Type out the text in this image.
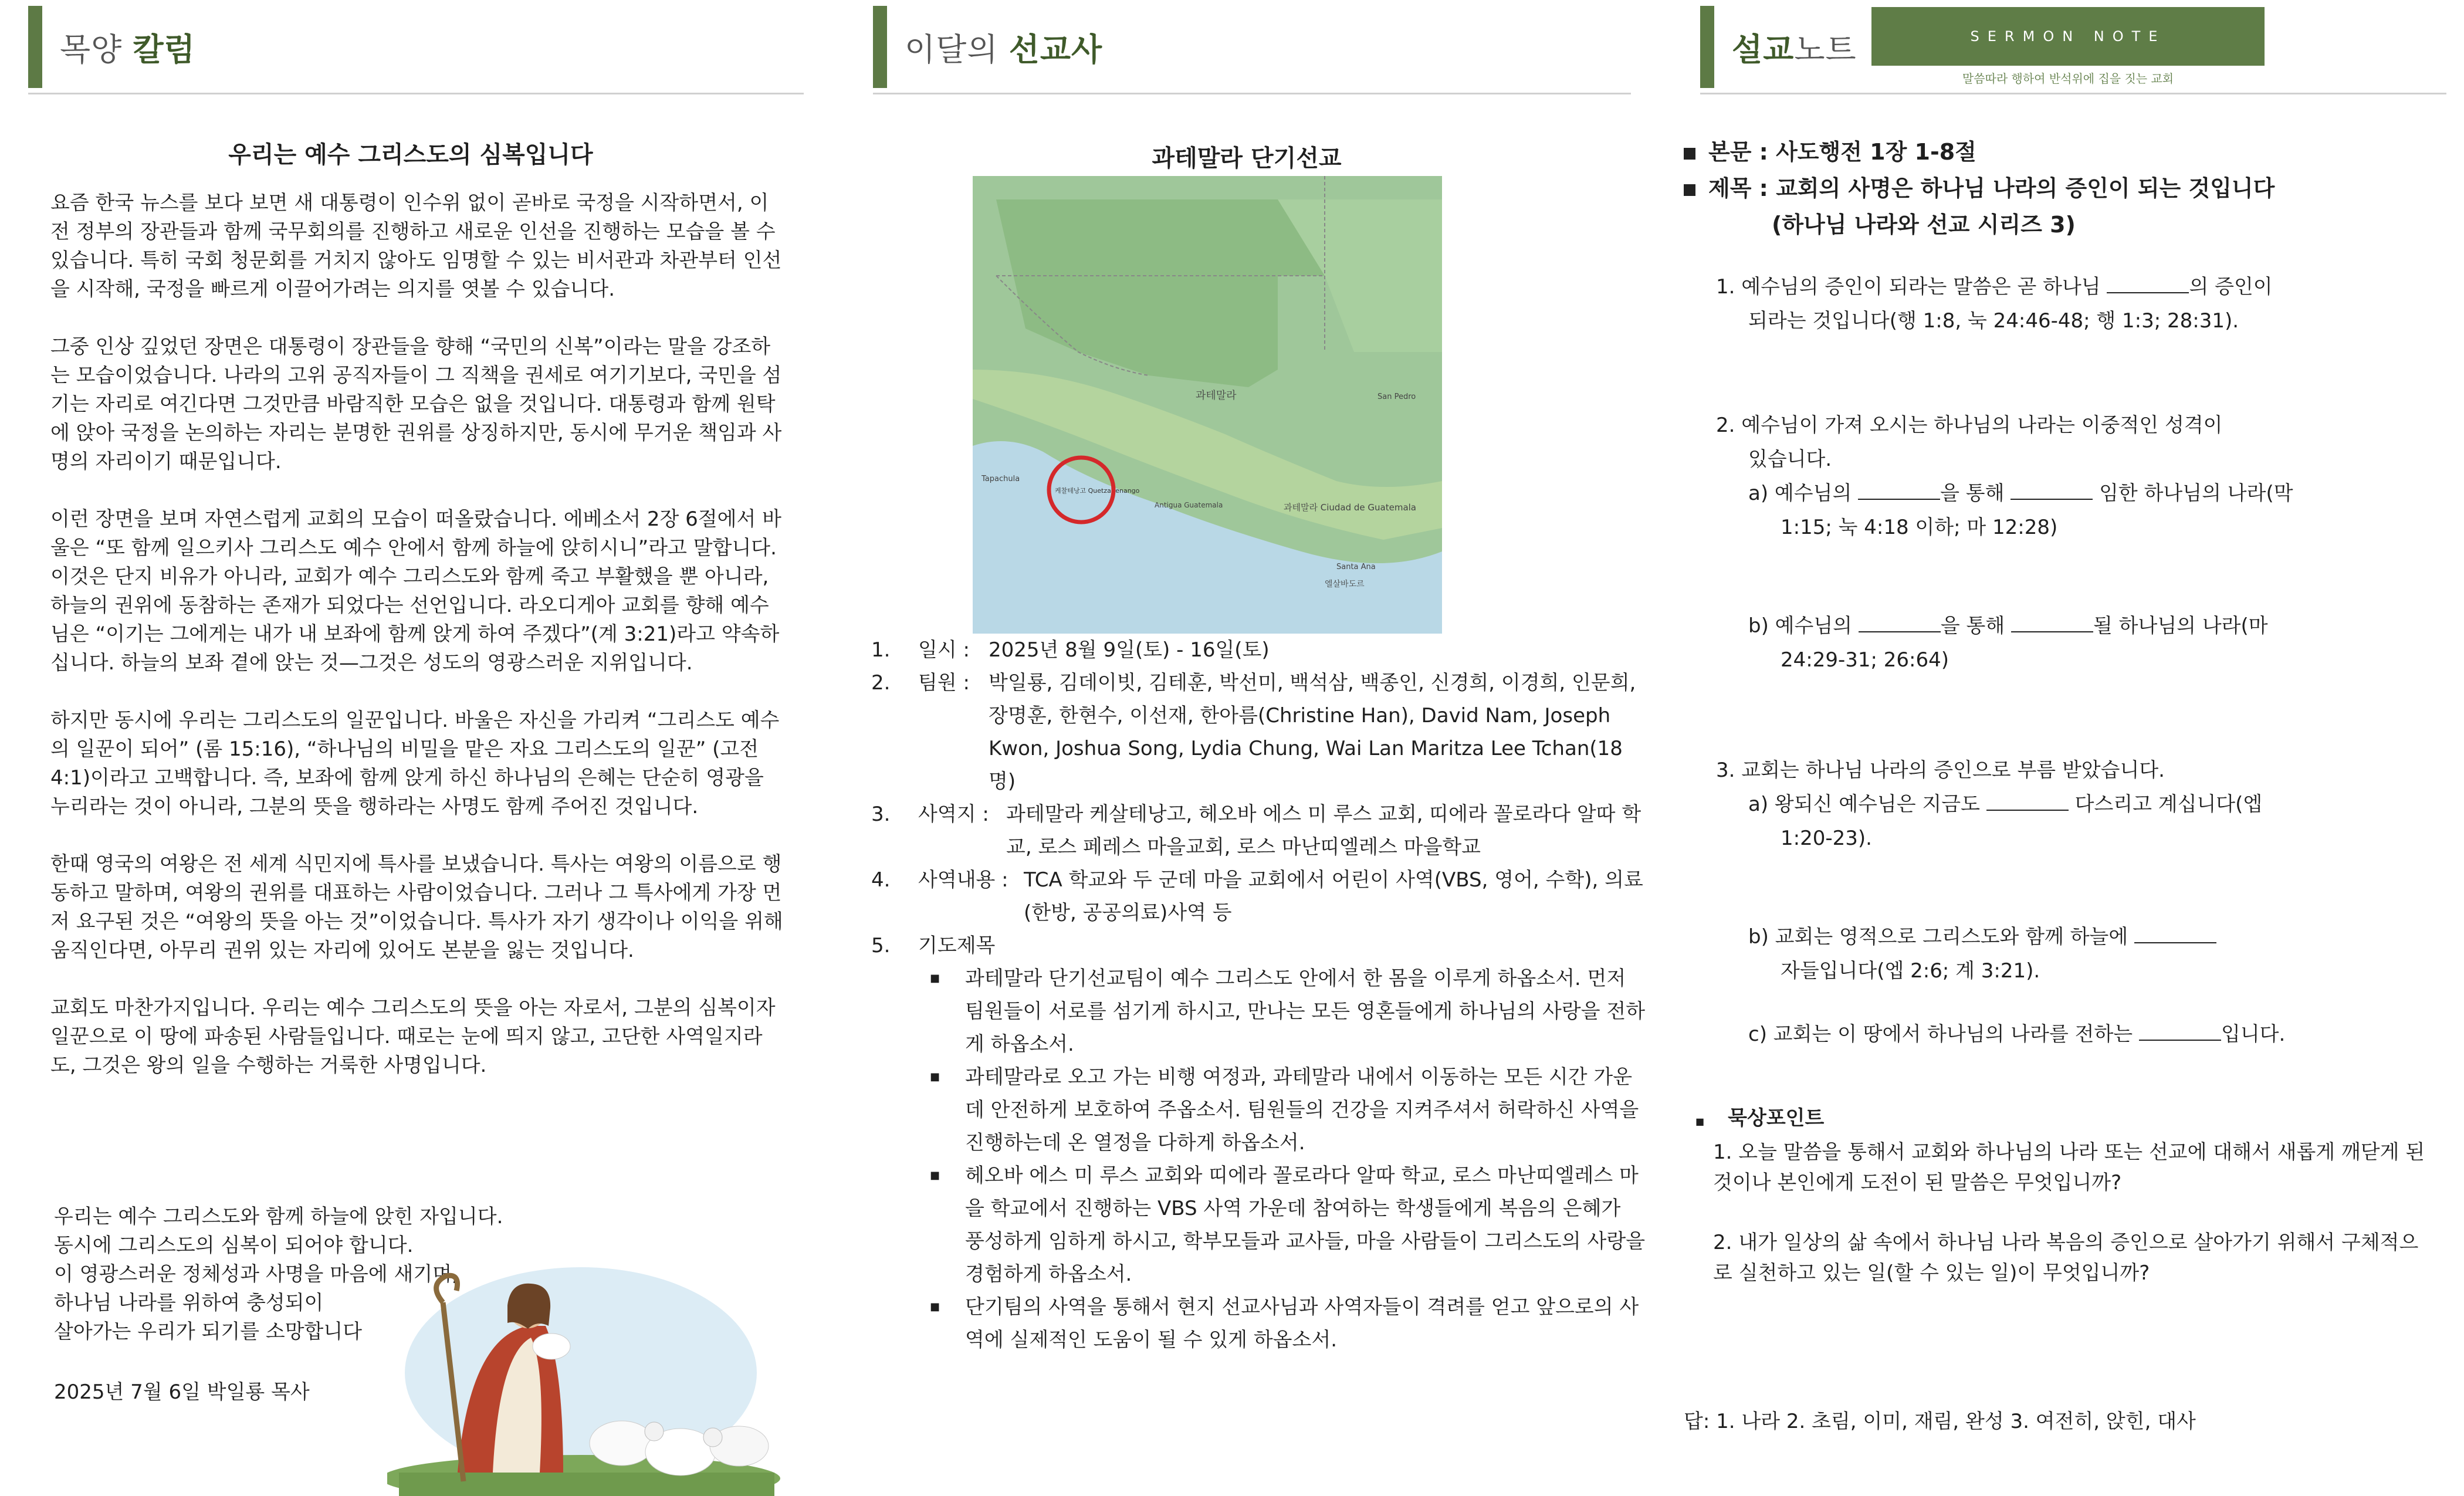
목양 칼럼
우리는 예수 그리스도의 심복입니다

요즘 한국 뉴스를 보다 보면 새 대통령이 인수위 없이 곧바로 국정을 시작하면서, 이전 정부의 장관들과 함께 국무회의를 진행하고 새로운 인선을 진행하는 모습을 볼 수 있습니다. 특히 국회 청문회를 거치지 않아도 임명할 수 있는 비서관과 차관부터 인선을 시작해, 국정을 빠르게 이끌어가려는 의지를 엿볼 수 있습니다.

그중 인상 깊었던 장면은 대통령이 장관들을 향해 “국민의 신복”이라는 말을 강조하는 모습이었습니다. 나라의 고위 공직자들이 그 직책을 권세로 여기기보다, 국민을 섬기는 자리로 여긴다면 그것만큼 바람직한 모습은 없을 것입니다. 대통령과 함께 원탁에 앉아 국정을 논의하는 자리는 분명한 권위를 상징하지만, 동시에 무거운 책임과 사명의 자리이기 때문입니다.

이런 장면을 보며 자연스럽게 교회의 모습이 떠올랐습니다. 에베소서 2장 6절에서 바울은 “또 함께 일으키사 그리스도 예수 안에서 함께 하늘에 앉히시니”라고 말합니다. 이것은 단지 비유가 아니라, 교회가 예수 그리스도와 함께 죽고 부활했을 뿐 아니라, 하늘의 권위에 동참하는 존재가 되었다는 선언입니다. 라오디게아 교회를 향해 예수님은 “이기는 그에게는 내가 내 보좌에 함께 앉게 하여 주겠다”(계 3:21)라고 약속하십니다. 하늘의 보좌 곁에 앉는 것—그것은 성도의 영광스러운 지위입니다.

하지만 동시에 우리는 그리스도의 일꾼입니다. 바울은 자신을 가리켜 “그리스도 예수의 일꾼이 되어” (롬 15:16), “하나님의 비밀을 맡은 자요 그리스도의 일꾼” (고전 4:1)이라고 고백합니다. 즉, 보좌에 함께 앉게 하신 하나님의 은혜는 단순히 영광을 누리라는 것이 아니라, 그분의 뜻을 행하라는 사명도 함께 주어진 것입니다.

한때 영국의 여왕은 전 세계 식민지에 특사를 보냈습니다. 특사는 여왕의 이름으로 행동하고 말하며, 여왕의 권위를 대표하는 사람이었습니다. 그러나 그 특사에게 가장 먼저 요구된 것은 “여왕의 뜻을 아는 것”이었습니다. 특사가 자기 생각이나 이익을 위해 움직인다면, 아무리 권위 있는 자리에 있어도 본분을 잃는 것입니다.

교회도 마찬가지입니다. 우리는 예수 그리스도의 뜻을 아는 자로서, 그분의 심복이자 일꾼으로 이 땅에 파송된 사람들입니다. 때로는 눈에 띄지 않고, 고단한 사역일지라도, 그것은 왕의 일을 수행하는 거룩한 사명입니다.

우리는 예수 그리스도와 함께 하늘에 앉힌 자입니다.
동시에 그리스도의 심복이 되어야 합니다.
이 영광스러운 정체성과 사명을 마음에 새기며,
하나님 나라를 위하여 충성되이
살아가는 우리가 되기를 소망합니다
2025년 7월 6일 박일룡 목사
이달의 선교사
과테말라 단기선교
과테말라
과테말라 Ciudad de Guatemala
엘살바도르
Tapachula
San Pedro
Santa Ana
Antigua Guatemala
케찰테낭고 Quetzaltenango
1.	일시 : 2025년 8월 9일(토) - 16일(토)
2.	팀원 : 박일룡, 김데이빗, 김테훈, 박선미, 백석삼, 백종인, 신경희, 이경희, 인문희, 장명훈, 한현수, 이선재, 한아름(Christine Han), David Nam, Joseph Kwon, Joshua Song, Lydia Chung, Wai Lan Maritza Lee Tchan(18명)
3.	사역지 : 과테말라 케살테낭고, 헤오바 에스 미 루스 교회, 띠에라 꼴로라다 알따 학교, 로스 페레스 마을교회, 로스 마난띠엘레스 마을학교
4.	사역내용 : TCA 학교와 두 군데 마을 교회에서 어린이 사역(VBS, 영어, 수학), 의료(한방, 공공의료)사역 등
5.	기도제목
■ 과테말라 단기선교팀이 예수 그리스도 안에서 한 몸을 이루게 하옵소서. 먼저 팀원들이 서로를 섬기게 하시고, 만나는 모든 영혼들에게 하나님의 사랑을 전하게 하옵소서.
■ 과테말라로 오고 가는 비행 여정과, 과테말라 내에서 이동하는 모든 시간 가운데 안전하게 보호하여 주옵소서. 팀원들의 건강을 지켜주셔서 허락하신 사역을 진행하는데 온 열정을 다하게 하옵소서.
■ 헤오바 에스 미 루스 교회와 띠에라 꼴로라다 알따 학교, 로스 마난띠엘레스 마을 학교에서 진행하는 VBS 사역 가운데 참여하는 학생들에게 복음의 은혜가 풍성하게 임하게 하시고, 학부모들과 교사들, 마을 사람들이 그리스도의 사랑을 경험하게 하옵소서.
■ 단기팀의 사역을 통해서 현지 선교사님과 사역자들이 격려를 얻고 앞으로의 사역에 실제적인 도움이 될 수 있게 하옵소서.
설교노트	SERMON NOTE
말씀따라 행하여 반석위에 집을 짓는 교회
본문 : 사도행전 1장 1-8절
제목 : 교회의 사명은 하나님 나라의 증인이 되는 것입니다
(하나님 나라와 선교 시리즈 3)
1. 예수님의 증인이 되라는 말씀은 곧 하나님	의 증인이
되라는 것입니다(행 1:8, 눅 24:46-48; 행 1:3; 28:31).
2. 예수님이 가져 오시는 하나님의 나라는 이중적인 성격이
있습니다.
a) 예수님의	을 통해	임한 하나님의 나라(막
1:15; 눅 4:18 이하; 마 12:28)
b) 예수님의	을 통해	될 하나님의 나라(마
24:29-31; 26:64)
3. 교회는 하나님 나라의 증인으로 부름 받았습니다.
a) 왕되신 예수님은 지금도	다스리고 계십니다(엡
1:20-23).
b) 교회는 영적으로 그리스도와 함께 하늘에
자들입니다(엡 2:6; 계 3:21).
c) 교회는 이 땅에서 하나님의 나라를 전하는	입니다.
■ 묵상포인트
1. 오늘 말씀을 통해서 교회와 하나님의 나라 또는 선교에 대해서 새롭게 깨닫게 된 것이나 본인에게 도전이 된 말씀은 무엇입니까?
2. 내가 일상의 삶 속에서 하나님 나라 복음의 증인으로 살아가기 위해서 구체적으로 실천하고 있는 일(할 수 있는 일)이 무엇입니까?
답: 1. 나라 2. 초림, 이미, 재림, 완성 3. 여전히, 앉힌, 대사
